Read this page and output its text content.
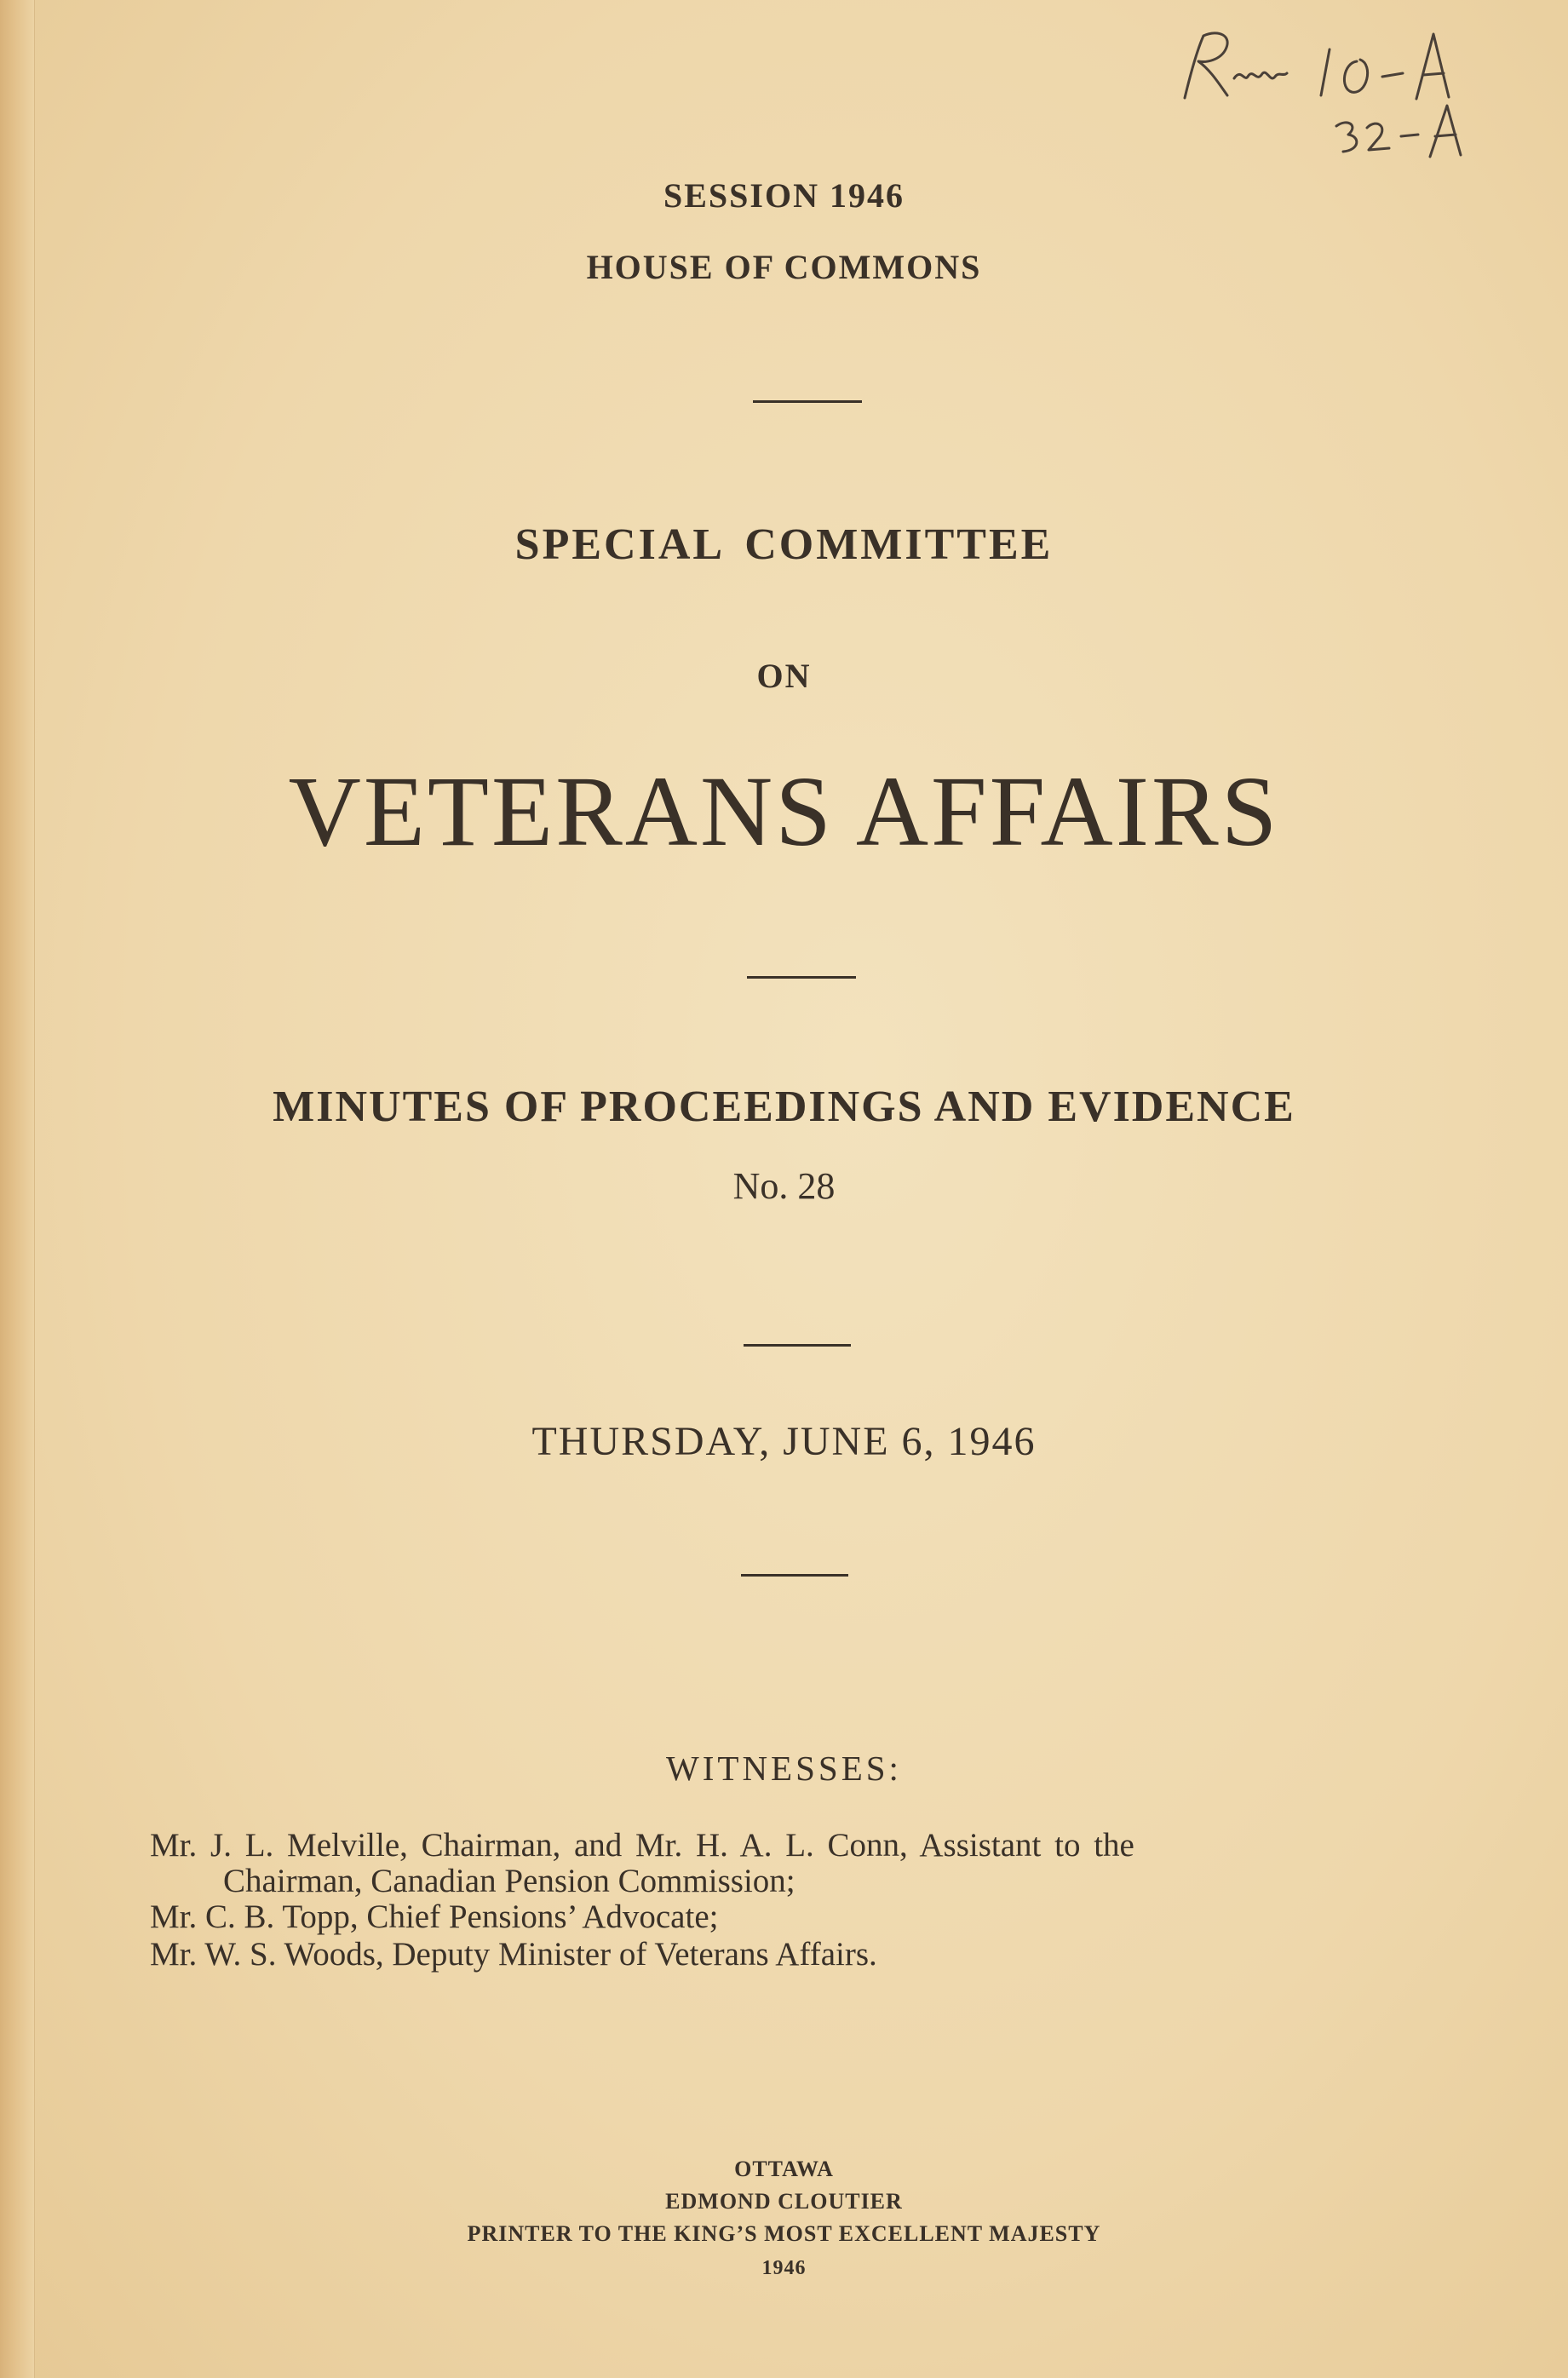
SESSION 1946
HOUSE OF COMMONS
SPECIAL COMMITTEE
ON
VETERANS AFFAIRS
MINUTES OF PROCEEDINGS AND EVIDENCE
No. 28
THURSDAY, JUNE 6, 1946
WITNESSES:
Mr. J. L. Melville, Chairman, and Mr. H. A. L. Conn, Assistant to the
Chairman, Canadian Pension Commission;
Mr. C. B. Topp, Chief Pensions’ Advocate;
Mr. W. S. Woods, Deputy Minister of Veterans Affairs.
OTTAWA
EDMOND CLOUTIER
PRINTER TO THE KING’S MOST EXCELLENT MAJESTY
1946
